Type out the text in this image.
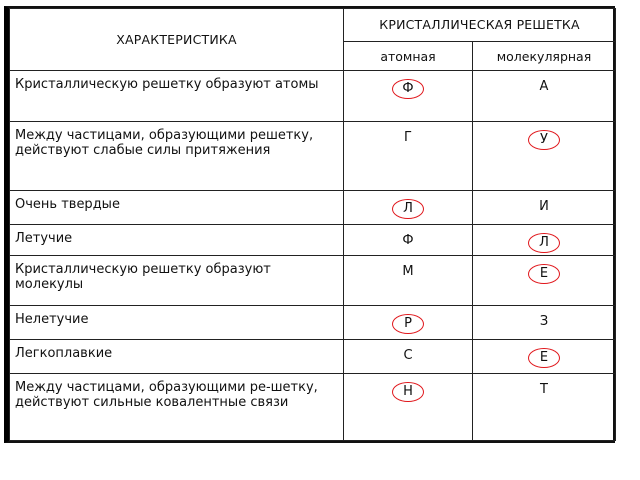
ХАРАКТЕРИСТИКА	КРИСТАЛЛИЧЕСКАЯ РЕШЕТКА	
	атомная	молекулярная
Кристаллическую решетку образуют атомы	Ф	А
Между частицами, образующими решетку, действуют слабые силы притяжения	Г	У
Очень твердые	Л	И
Летучие	Ф	Л
Кристаллическую решетку образуют молекулы	М	Е
Нелетучие	Р	З
Легкоплавкие	С	Е
Между частицами, образующими ре-шетку, действуют сильные ковалентные связи	Н	Т
